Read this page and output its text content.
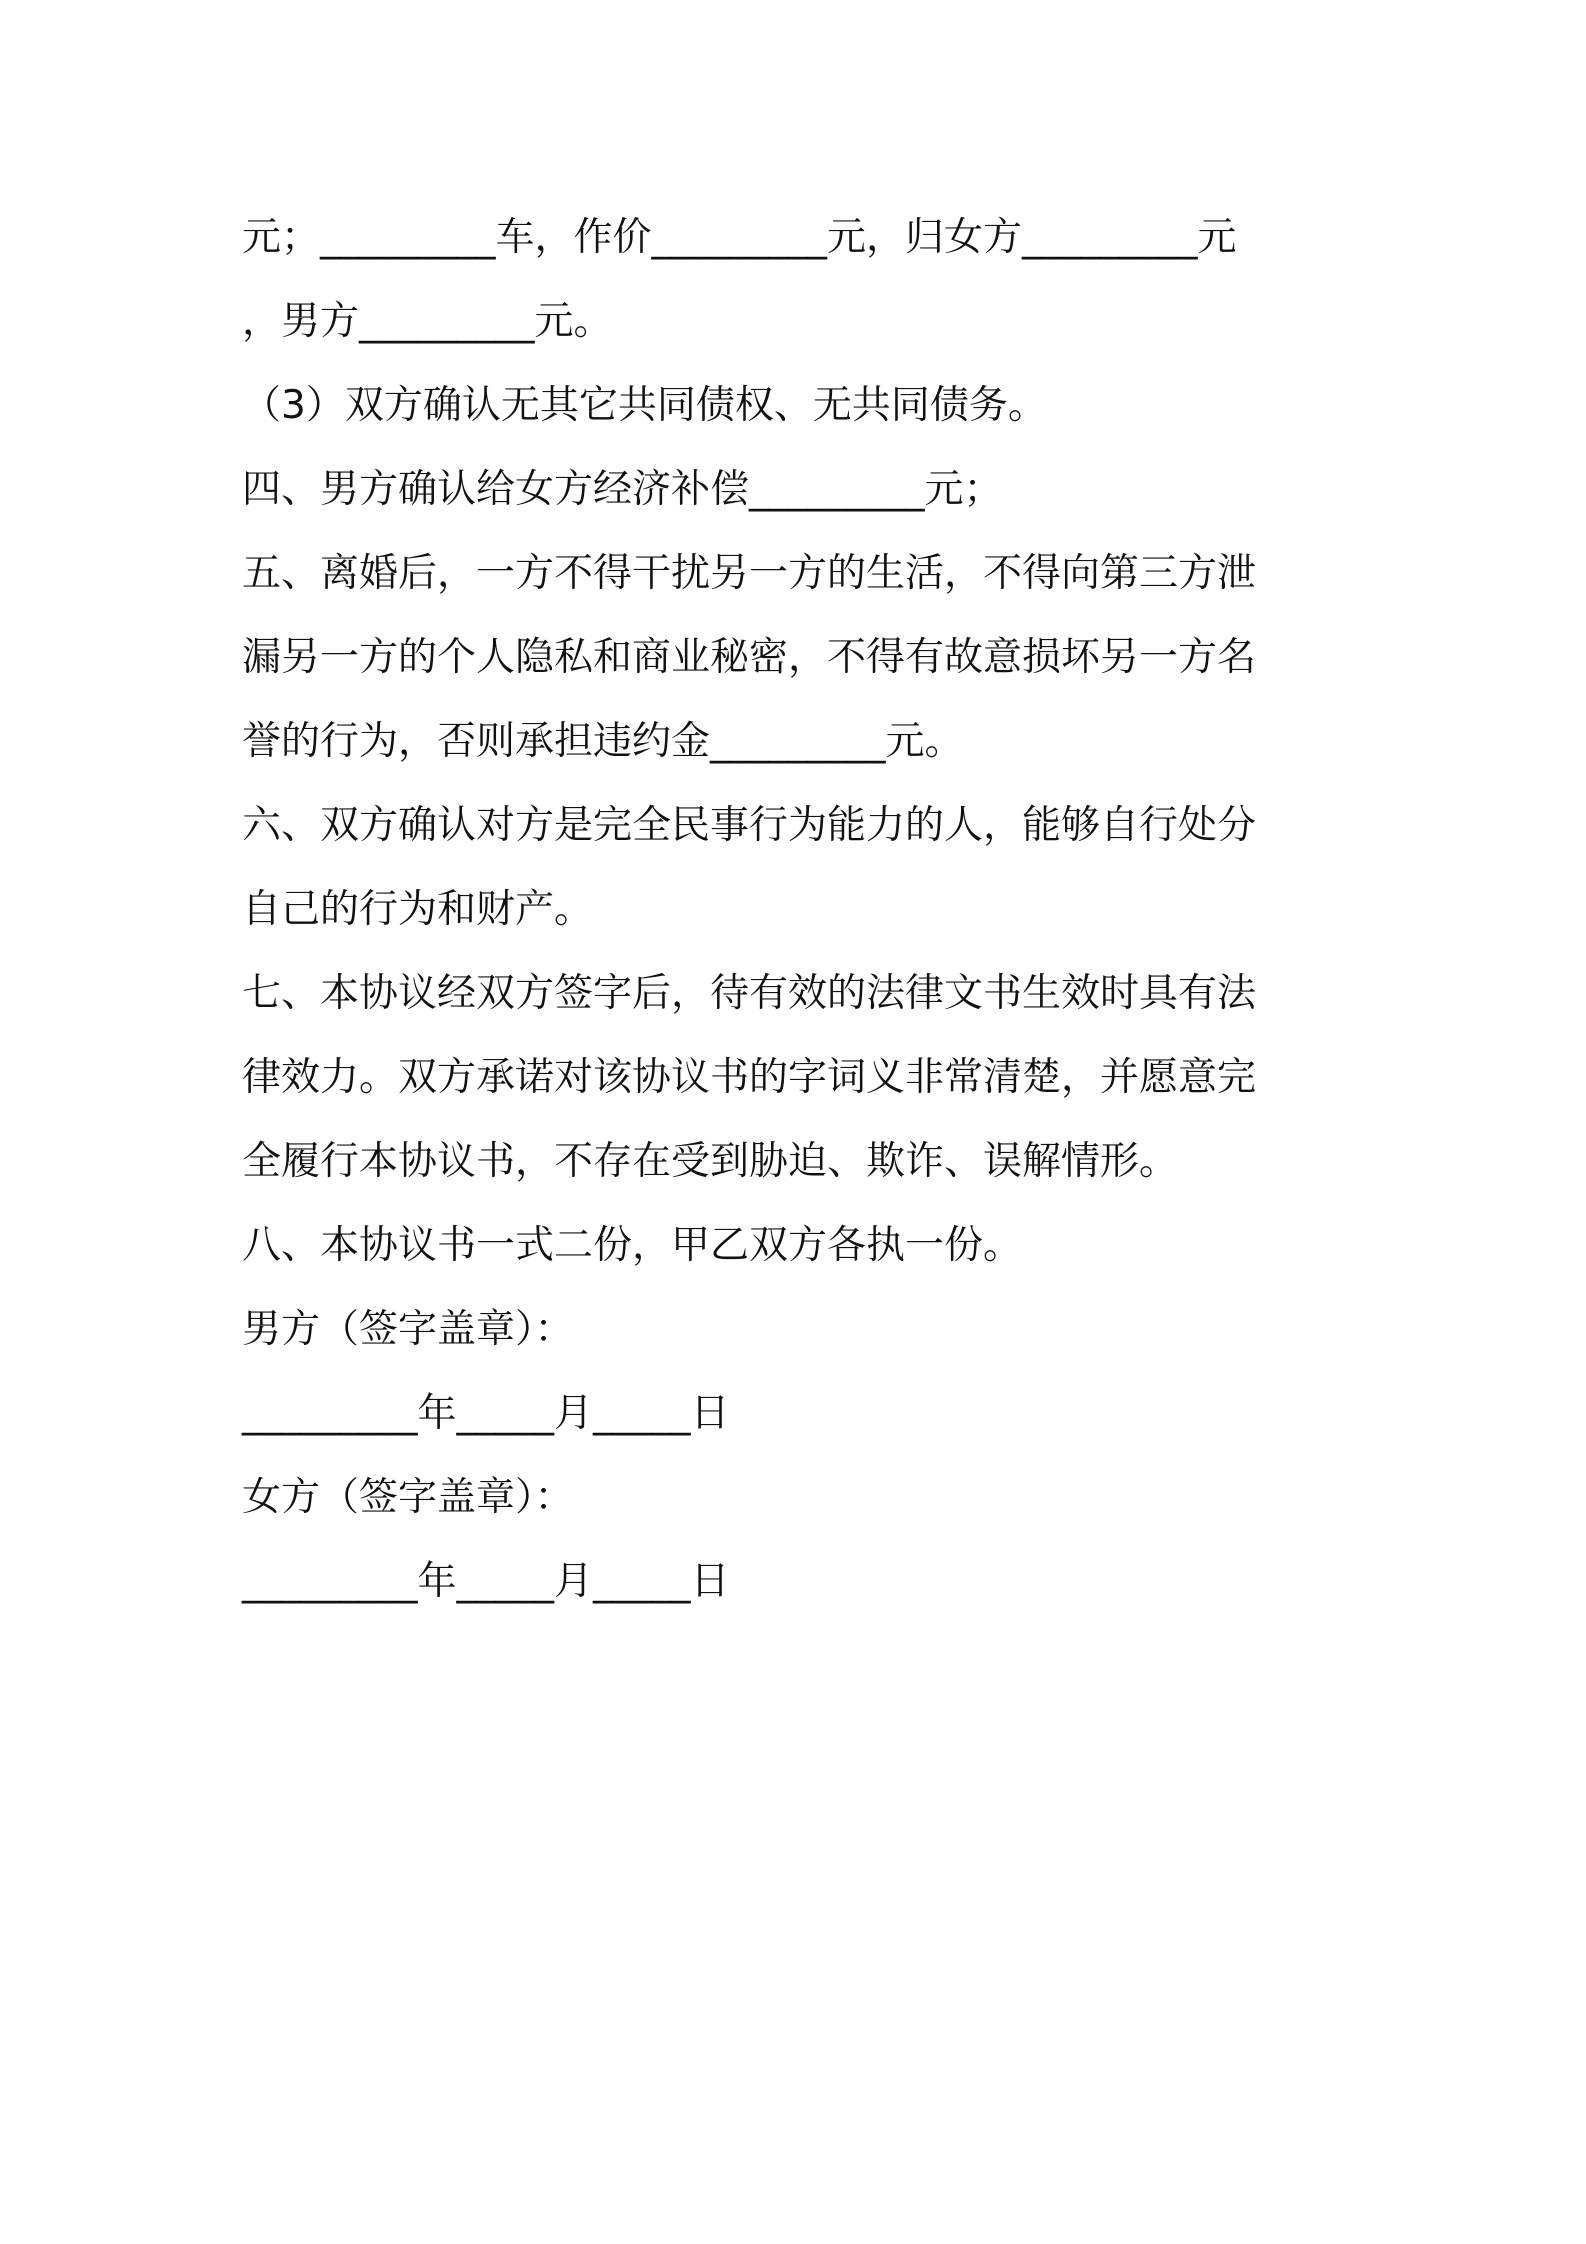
元；_________车，作价_________元，归女方_________元
，男方_________元。
（3）双方确认无其它共同债权、无共同债务。
四、男方确认给女方经济补偿_________元；
五、离婚后，一方不得干扰另一方的生活，不得向第三方泄
漏另一方的个人隐私和商业秘密，不得有故意损坏另一方名
誉的行为，否则承担违约金_________元。
六、双方确认对方是完全民事行为能力的人，能够自行处分
自己的行为和财产。
七、本协议经双方签字后，待有效的法律文书生效时具有法
律效力。双方承诺对该协议书的字词义非常清楚，并愿意完
全履行本协议书，不存在受到胁迫、欺诈、误解情形。
八、本协议书一式二份，甲乙双方各执一份。
男方（签字盖章）：
_________年_____月_____日
女方（签字盖章）：
_________年_____月_____日
